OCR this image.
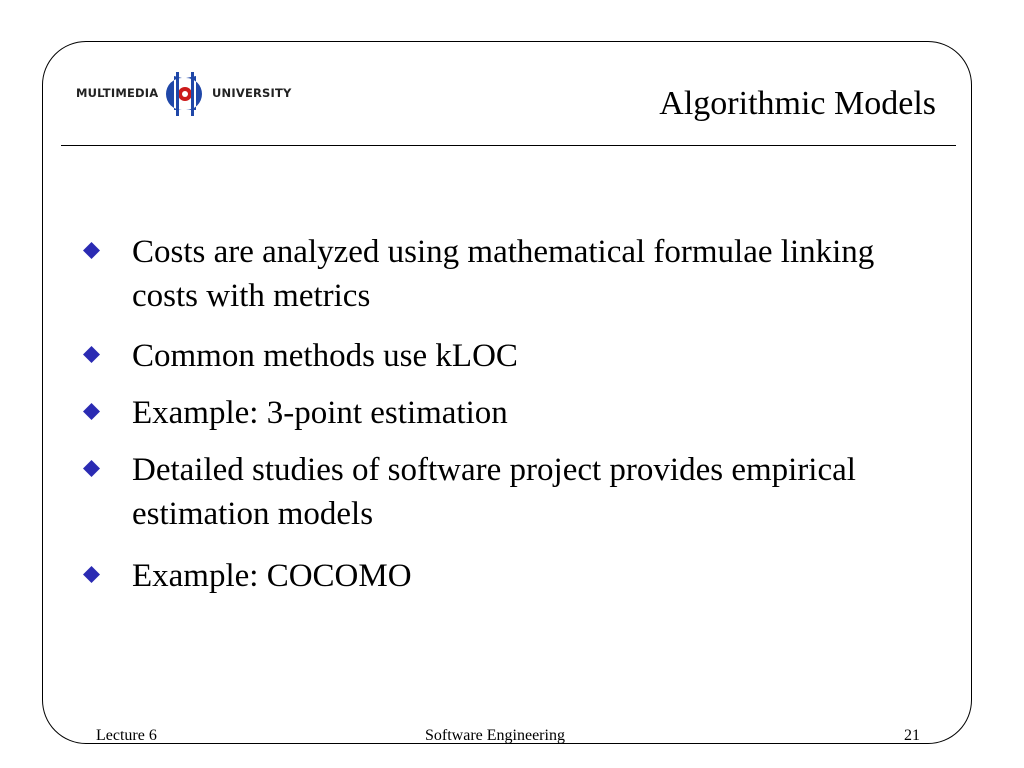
MULTIMEDIA	UNIVERSITY	Algorithmic Models
Costs are analyzed using mathematical formulae linking costs with metrics
Common methods use kLOC
Example: 3-point estimation
Detailed studies of software project provides empirical estimation models
Example: COCOMO
Lecture 6	Software Engineering	21
